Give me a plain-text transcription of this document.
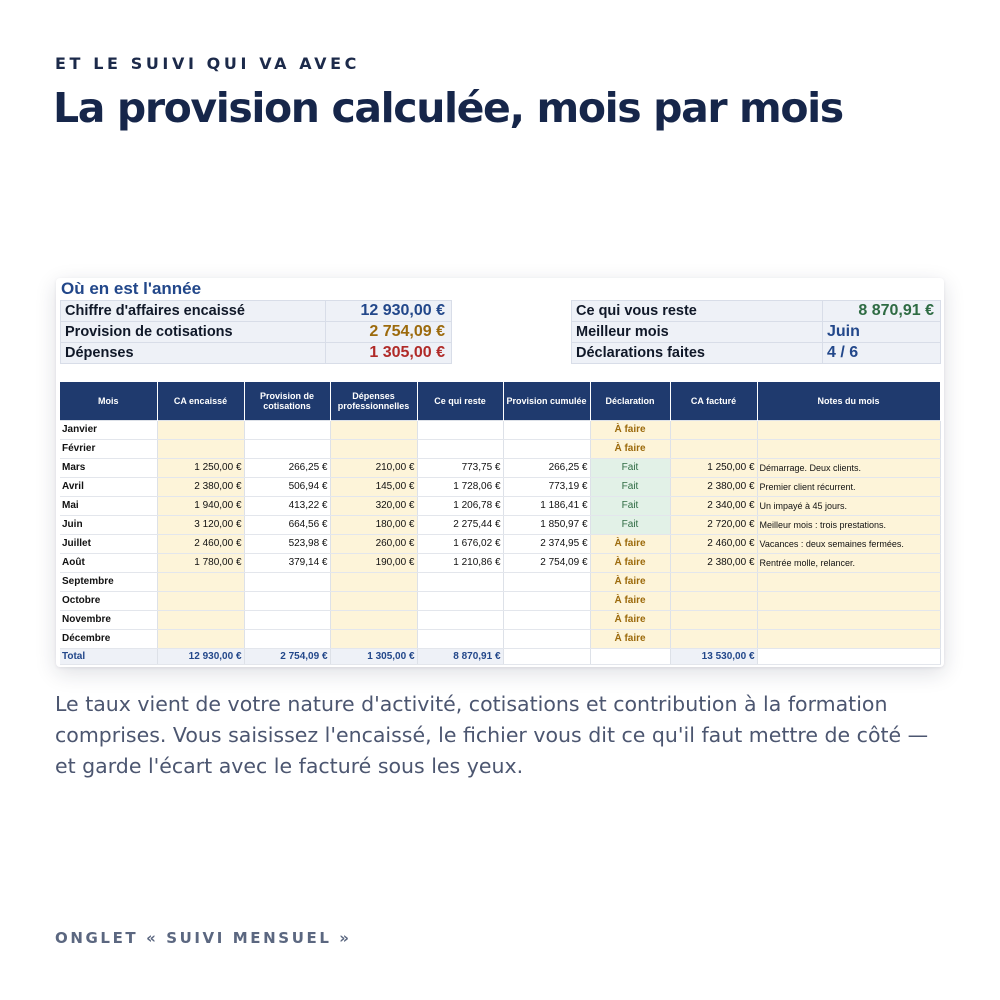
ET LE SUIVI QUI VA AVEC
La provision calculée, mois par mois
Où en est l'année
Chiffre d'affaires encaissé	12 930,00 €
Provision de cotisations	2 754,09 €
Dépenses	1 305,00 €
Ce qui vous reste	8 870,91 €
Meilleur mois	Juin
Déclarations faites	4 / 6
Mois	CA encaissé	Provision de cotisations	Dépenses professionnelles	Ce qui reste	Provision cumulée	Déclaration	CA facturé	Notes du mois
Janvier						À faire		
Février						À faire		
Mars	1 250,00 €	266,25 €	210,00 €	773,75 €	266,25 €	Fait	1 250,00 €	Démarrage. Deux clients.
Avril	2 380,00 €	506,94 €	145,00 €	1 728,06 €	773,19 €	Fait	2 380,00 €	Premier client récurrent.
Mai	1 940,00 €	413,22 €	320,00 €	1 206,78 €	1 186,41 €	Fait	2 340,00 €	Un impayé à 45 jours.
Juin	3 120,00 €	664,56 €	180,00 €	2 275,44 €	1 850,97 €	Fait	2 720,00 €	Meilleur mois : trois prestations.
Juillet	2 460,00 €	523,98 €	260,00 €	1 676,02 €	2 374,95 €	À faire	2 460,00 €	Vacances : deux semaines fermées.
Août	1 780,00 €	379,14 €	190,00 €	1 210,86 €	2 754,09 €	À faire	2 380,00 €	Rentrée molle, relancer.
Septembre						À faire		
Octobre						À faire		
Novembre						À faire		
Décembre						À faire		
Total	12 930,00 €	2 754,09 €	1 305,00 €	8 870,91 €			13 530,00 €	

Le taux vient de votre nature d'activité, cotisations et contribution à la formation comprises. Vous saisissez l'encaissé, le fichier vous dit ce qu'il faut mettre de côté — et garde l'écart avec le facturé sous les yeux.

ONGLET « SUIVI MENSUEL »
